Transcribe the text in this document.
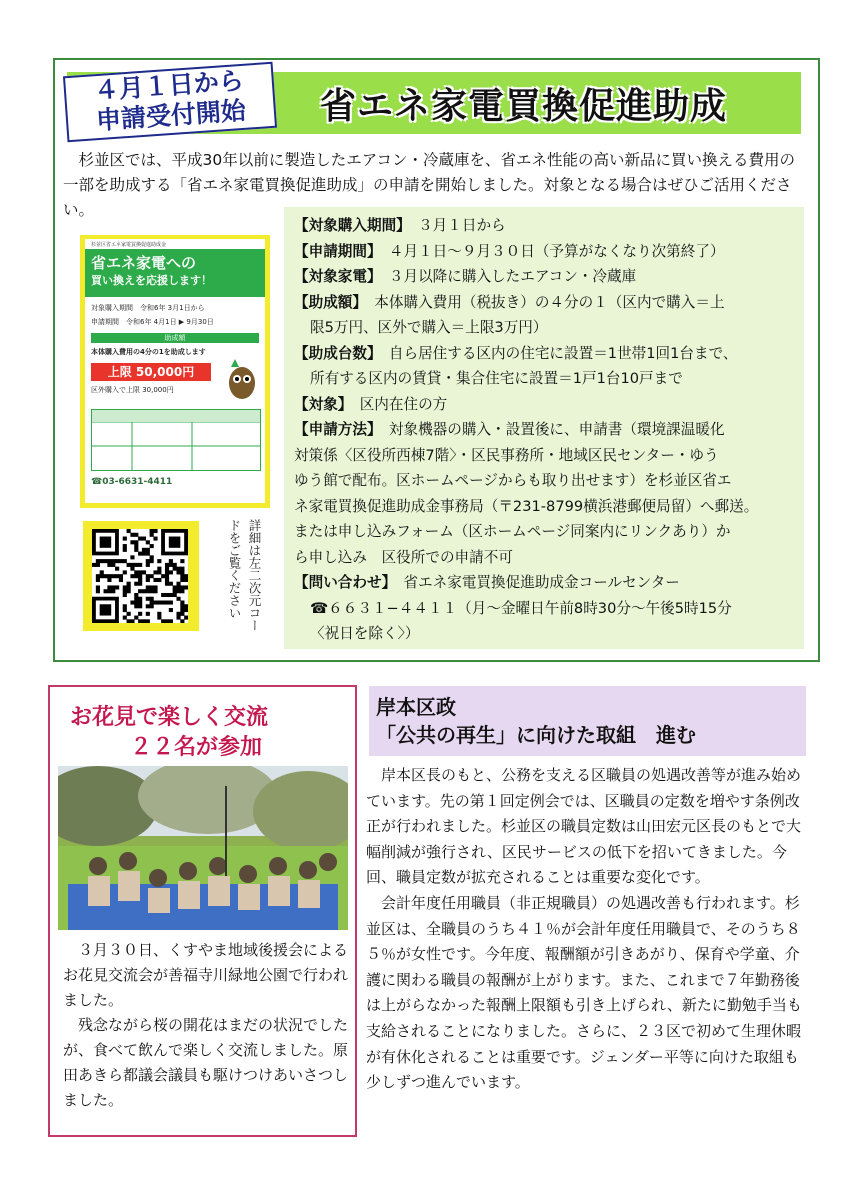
４月１日から
申請受付開始	省エネ家電買換促進助成
杉並区では、平成30年以前に製造したエアコン・冷蔵庫を、省エネ性能の高い新品に買い換える費用の一部を助成する「省エネ家電買換促進助成」の申請を開始しました。対象となる場合はぜひご活用ください。
【対象購入期間】　 ３月１日から
【申請期間】　 ４月１日～９月３０日（予算がなくなり次第終了）
【対象家電】　 ３月以降に購入したエアコン・冷蔵庫
【助成額】　 本体購入費用（税抜き）の４分の１（区内で購入＝上
限5万円、区外で購入＝上限3万円）
【助成台数】　 自ら居住する区内の住宅に設置＝1世帯1回1台まで、
所有する区内の賃貸・集合住宅に設置＝1戸1台10戸まで
【対象】　 区内在住の方
【申請方法】　 対象機器の購入・設置後に、申請書（環境課温暖化
対策係〈区役所西棟7階〉・区民事務所・地域区民センター・ゆう
ゆう館で配布。区ホームページからも取り出せます）を杉並区省エ
ネ家電買換促進助成金事務局（〒231-8799横浜港郵便局留）へ郵送。
または申し込みフォーム（区ホームページ同案内にリンクあり）か
ら申し込み　区役所での申請不可
【問い合わせ】　 省エネ家電買換促進助成金コールセンター
☎６６３１−４４１１（月～金曜日午前8時30分～午後5時15分
〈祝日を除く〉）
杉並区省エネ家電買換促進助成金
省エネ家電への
買い換えを応援します！
対象購入期間　令和6年 3月1日から
申請期間　令和6年 4月1日 ▶ 9月30日
助成額
本体購入費用の4分の1を助成します
上限 50,000円
区外購入で上限 30,000円
☎03-6631-4411
詳細は左二次元コードをご覧ください
お花見で楽しく交流
２２名が参加

３月３０日、くすやま地域後援会によるお花見交流会が善福寺川緑地公園で行われました。

残念ながら桜の開花はまだの状況でしたが、食べて飲んで楽しく交流しました。原田あきら都議会議員も駆けつけあいさつしました。

岸本区政
「公共の再生」に向けた取組　進む

岸本区長のもと、公務を支える区職員の処遇改善等が進み始めています。先の第１回定例会では、区職員の定数を増やす条例改正が行われました。杉並区の職員定数は山田宏元区長のもとで大幅削減が強行され、区民サービスの低下を招いてきました。今回、職員定数が拡充されることは重要な変化です。

会計年度任用職員（非正規職員）の処遇改善も行われます。杉並区は、全職員のうち４１％が会計年度任用職員で、そのうち８５％が女性です。今年度、報酬額が引きあがり、保育や学童、介護に関わる職員の報酬が上がります。また、これまで７年勤務後は上がらなかった報酬上限額も引き上げられ、新たに勤勉手当も支給されることになりました。さらに、２３区で初めて生理休暇が有休化されることは重要です。ジェンダー平等に向けた取組も少しずつ進んでいます。
